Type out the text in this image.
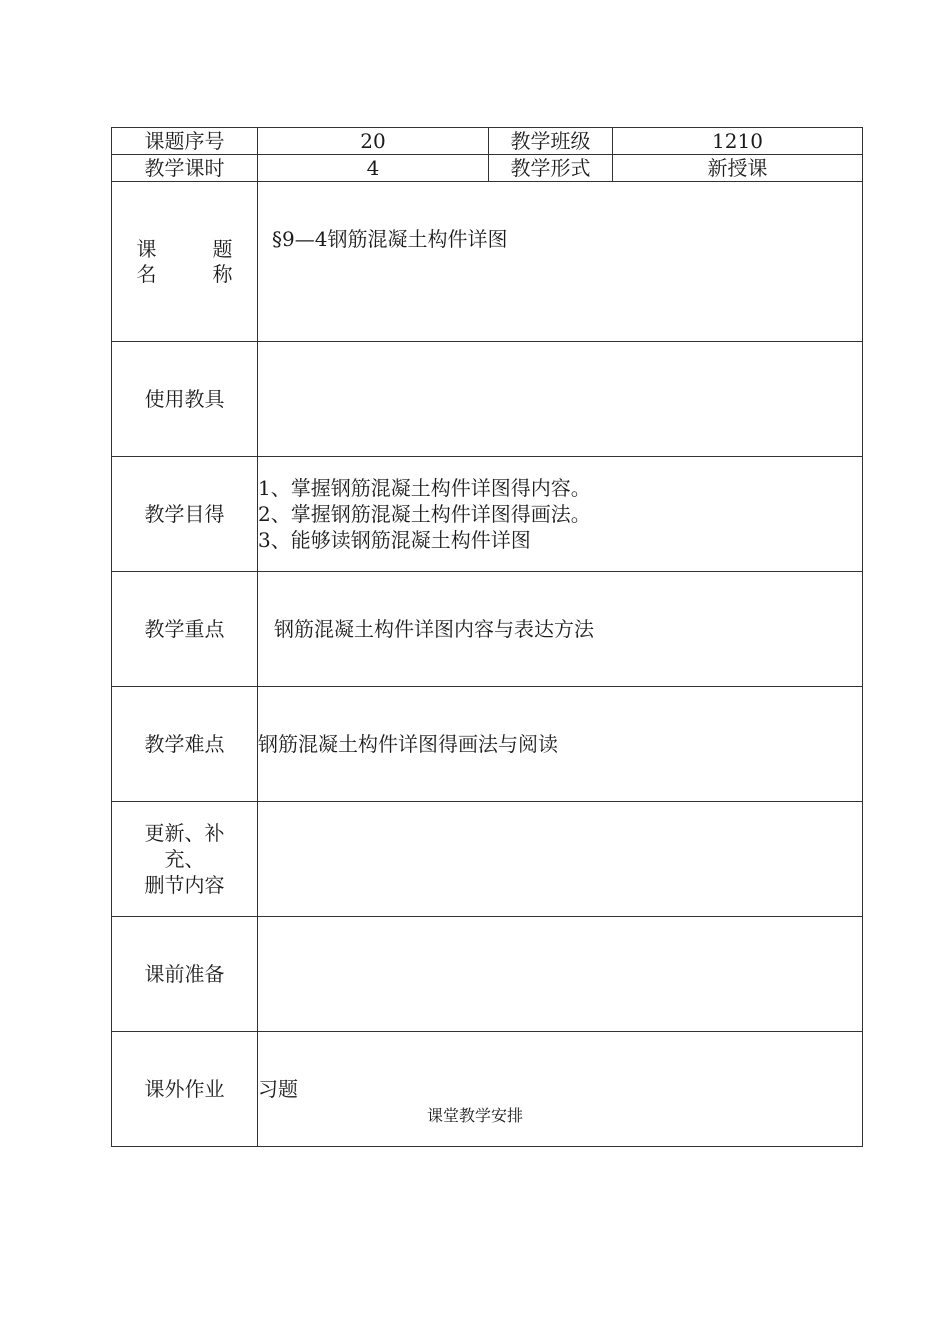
课题序号	20	教学班级	1210
教学课时	4	教学形式	新授课

课 题
名 称	§9—4钢筋混凝土构件详图		
使用教具			
教学目得	1、掌握钢筋混凝土构件详图得内容。
2、掌握钢筋混凝土构件详图得画法。
3、能够读钢筋混凝土构件详图		

教学重点	钢筋混凝土构件详图内容与表达方法		
教学难点	钢筋混凝土构件详图得画法与阅读		

更新、补
充、
删节内容			

课前准备			
课外作业	习题		
课堂教学安排
